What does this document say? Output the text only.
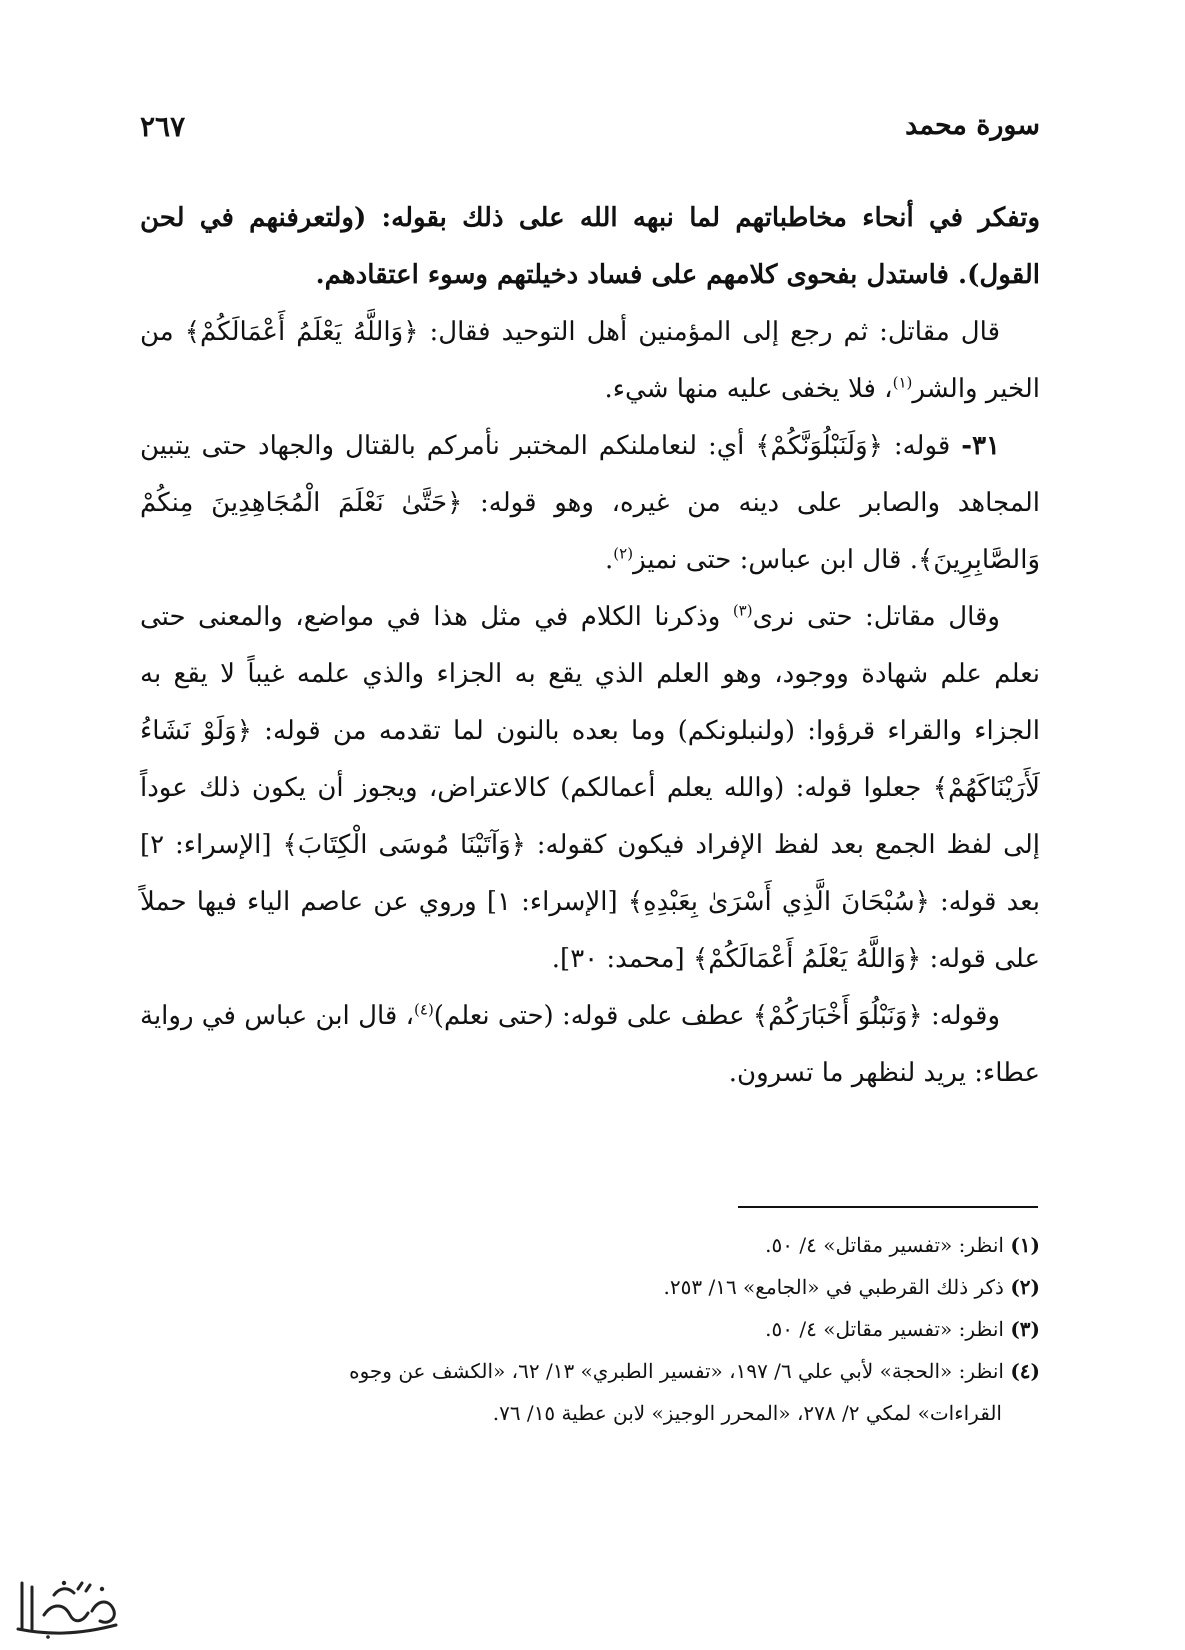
سورة محمد
٢٦٧

وتفكر في أنحاء مخاطباتهم لما نبهه الله على ذلك بقوله: (ولتعرفنهم في لحن القول). فاستدل بفحوى كلامهم على فساد دخيلتهم وسوء اعتقادهم.

قال مقاتل: ثم رجع إلى المؤمنين أهل التوحيد فقال: ﴿وَاللَّهُ يَعْلَمُ أَعْمَالَكُمْ﴾ من الخير والشر$^{(١)}$، فلا يخفى عليه منها شيء.

٣١- قوله: ﴿وَلَنَبْلُوَنَّكُمْ﴾ أي: لنعاملنكم المختبر نأمركم بالقتال والجهاد حتى يتبين المجاهد والصابر على دينه من غيره، وهو قوله: ﴿حَتَّىٰ نَعْلَمَ الْمُجَاهِدِينَ مِنكُمْ وَالصَّابِرِينَ﴾. قال ابن عباس: حتى نميز$^{(٢)}$.

وقال مقاتل: حتى نرى$^{(٣)}$ وذكرنا الكلام في مثل هذا في مواضع، والمعنى حتى نعلم علم شهادة ووجود، وهو العلم الذي يقع به الجزاء والذي علمه غيباً لا يقع به الجزاء والقراء قرؤوا: (ولنبلونكم) وما بعده بالنون لما تقدمه من قوله: ﴿وَلَوْ نَشَاءُ لَأَرَيْنَاكَهُمْ﴾ جعلوا قوله: (والله يعلم أعمالكم) كالاعتراض، ويجوز أن يكون ذلك عوداً إلى لفظ الجمع بعد لفظ الإفراد فيكون كقوله: ﴿وَآتَيْنَا مُوسَى الْكِتَابَ﴾ [الإسراء: ٢] بعد قوله: ﴿سُبْحَانَ الَّذِي أَسْرَىٰ بِعَبْدِهِ﴾ [الإسراء: ١] وروي عن عاصم الياء فيها حملاً على قوله: ﴿وَاللَّهُ يَعْلَمُ أَعْمَالَكُمْ﴾ [محمد: ٣٠].

وقوله: ﴿وَنَبْلُوَ أَخْبَارَكُمْ﴾ عطف على قوله: (حتى نعلم)$^{(٤)}$، قال ابن عباس في رواية عطاء: يريد لنظهر ما تسرون.

(١) انظر: «تفسير مقاتل» ٤/ ٥٠.

(٢) ذكر ذلك القرطبي في «الجامع» ١٦/ ٢٥٣.

(٣) انظر: «تفسير مقاتل» ٤/ ٥٠.

(٤) انظر: «الحجة» لأبي علي ٦/ ١٩٧، «تفسير الطبري» ١٣/ ٦٢، «الكشف عن وجوه

القراءات» لمكي ٢/ ٢٧٨، «المحرر الوجيز» لابن عطية ١٥/ ٧٦.
